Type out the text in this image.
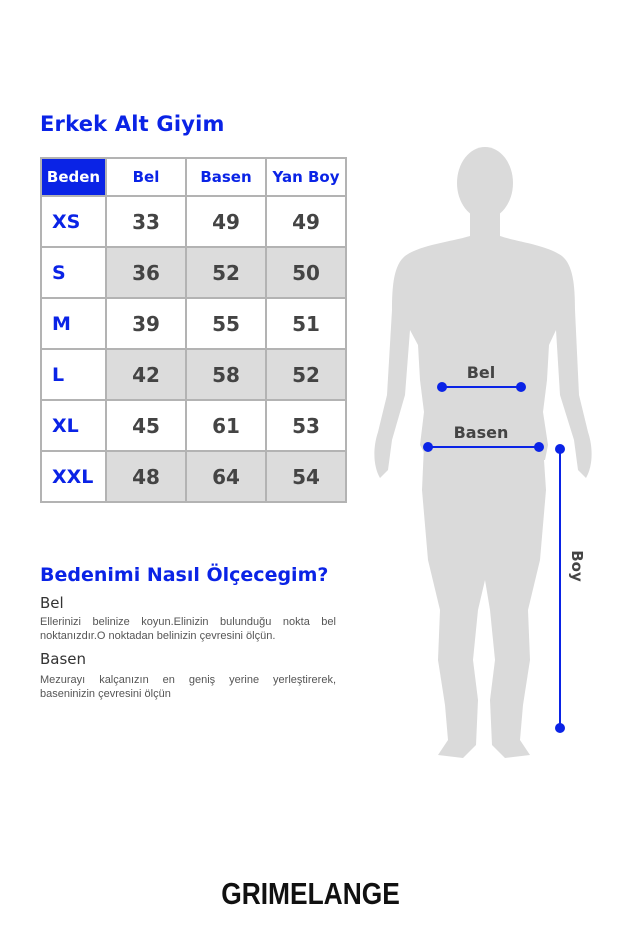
Erkek Alt Giyim
Beden	Bel	Basen	Yan Boy
XS	33	49	49
S	36	52	50
M	39	55	51
L	42	58	52
XL	45	61	53
XXL	48	64	54
Bedenimi Nasıl Ölçecegim?
Bel
Ellerinizi belinize koyun.Elinizin bulunduğu nokta bel noktanızdır.O noktadan belinizin çevresini ölçün.
Basen
Mezurayı kalçanızın en geniş yerine yerleştirerek, baseninizin çevresini ölçün
Bel
Basen
Boy
GRIMELANGE
